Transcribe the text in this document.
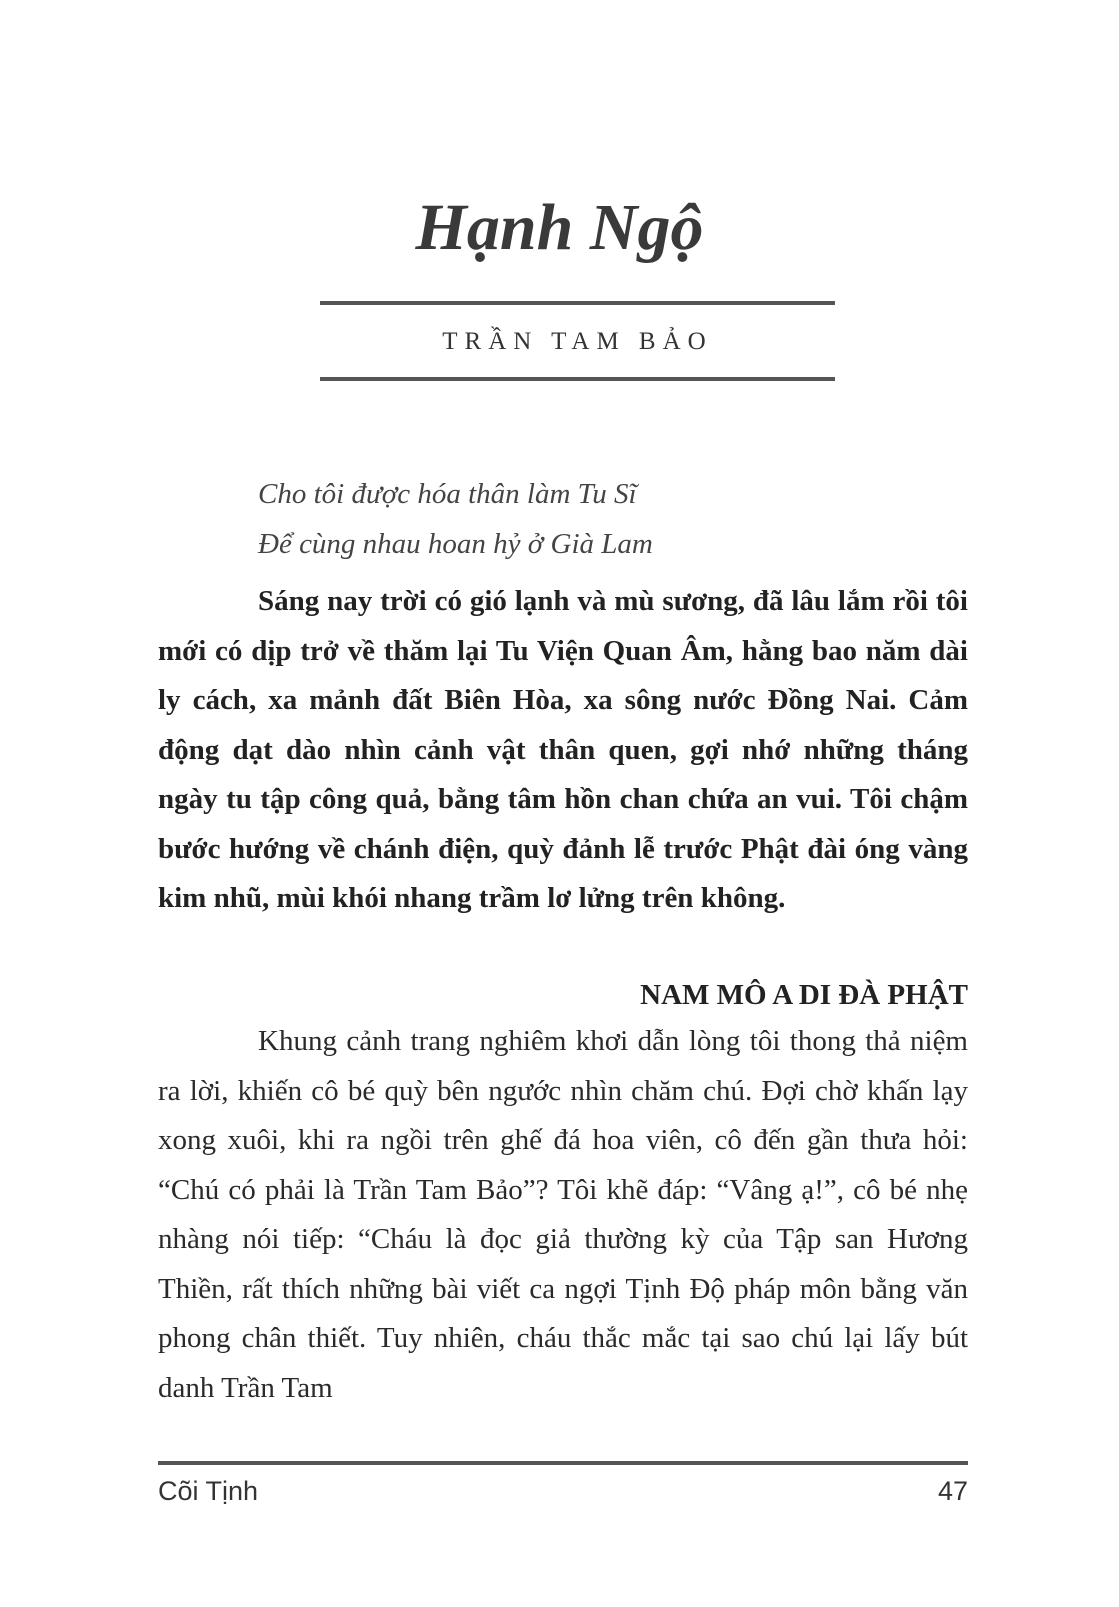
Hạnh Ngộ
TRẦN TAM BẢO
Cho tôi được hóa thân làm Tu Sĩ
Để cùng nhau hoan hỷ ở Già Lam

Sáng nay trời có gió lạnh và mù sương, đã lâu lắm rồi tôi mới có dịp trở về thăm lại Tu Viện Quan Âm, hằng bao năm dài ly cách, xa mảnh đất Biên Hòa, xa sông nước Đồng Nai. Cảm động dạt dào nhìn cảnh vật thân quen, gợi nhớ những tháng ngày tu tập công quả, bằng tâm hồn chan chứa an vui. Tôi chậm bước hướng về chánh điện, quỳ đảnh lễ trước Phật đài óng vàng kim nhũ, mùi khói nhang trầm lơ lửng trên không.

NAM MÔ A DI ĐÀ PHẬT

Khung cảnh trang nghiêm khơi dẫn lòng tôi thong thả niệm ra lời, khiến cô bé quỳ bên ngước nhìn chăm chú. Đợi chờ khấn lạy xong xuôi, khi ra ngồi trên ghế đá hoa viên, cô đến gần thưa hỏi: “Chú có phải là Trần Tam Bảo”? Tôi khẽ đáp: “Vâng ạ!”, cô bé nhẹ nhàng nói tiếp: “Cháu là đọc giả thường kỳ của Tập san Hương Thiền, rất thích những bài viết ca ngợi Tịnh Độ pháp môn bằng văn phong chân thiết. Tuy nhiên, cháu thắc mắc tại sao chú lại lấy bút danh Trần Tam

Cõi Tịnh	47
